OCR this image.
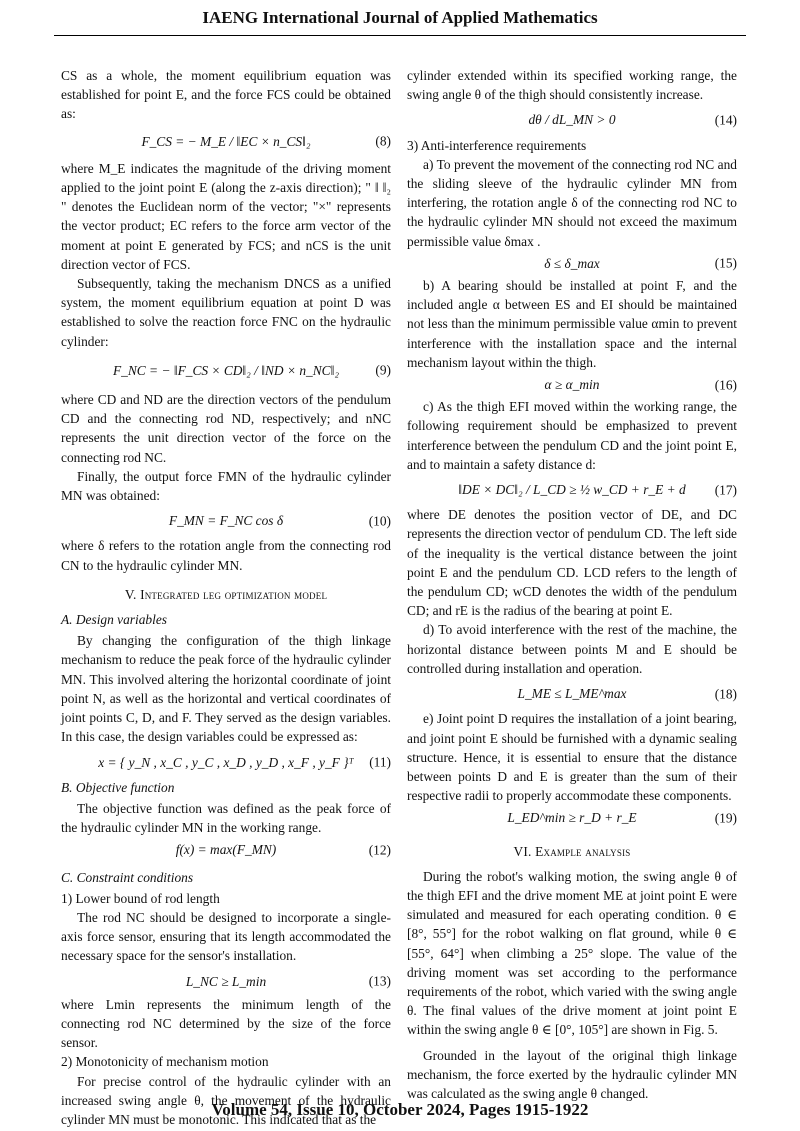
IAENG International Journal of Applied Mathematics

CS as a whole, the moment equilibrium equation was established for point E, and the force FCS could be obtained as:

F_CS = − M_E / ‖EC × n_CS‖₂	(8)

where M_E indicates the magnitude of the driving moment applied to the joint point E (along the z-axis direction); " ‖ ‖₂ " denotes the Euclidean norm of the vector; "×" represents the vector product; EC refers to the force arm vector of the moment at point E generated by FCS; and nCS is the unit direction vector of FCS.

Subsequently, taking the mechanism DNCS as a unified system, the moment equilibrium equation at point D was established to solve the reaction force FNC on the hydraulic cylinder:

F_NC = − ‖F_CS × CD‖₂ / ‖ND × n_NC‖₂	(9)

where CD and ND are the direction vectors of the pendulum CD and the connecting rod ND, respectively; and nNC represents the unit direction vector of the force on the connecting rod NC.

Finally, the output force FMN of the hydraulic cylinder MN was obtained:

F_MN = F_NC cos δ	(10)

where δ refers to the rotation angle from the connecting rod CN to the hydraulic cylinder MN.

V. Integrated leg optimization model
A. Design variables

By changing the configuration of the thigh linkage mechanism to reduce the peak force of the hydraulic cylinder MN. This involved altering the horizontal coordinate of joint point N, as well as the horizontal and vertical coordinates of joint points C, D, and F. They served as the design variables. In this case, the design variables could be expressed as:

x = { y_N , x_C , y_C , x_D , y_D , x_F , y_F }ᵀ (11)
B. Objective function

The objective function was defined as the peak force of the hydraulic cylinder MN in the working range.

f(x) = max(F_MN)	(12)
C. Constraint conditions

1) Lower bound of rod length

The rod NC should be designed to incorporate a single-axis force sensor, ensuring that its length accommodated the necessary space for the sensor's installation.

L_NC ≥ L_min	(13)

where Lmin represents the minimum length of the connecting rod NC determined by the size of the force sensor.

2) Monotonicity of mechanism motion

For precise control of the hydraulic cylinder with an increased swing angle θ, the movement of the hydraulic cylinder MN must be monotonic. This indicated that as the

cylinder extended within its specified working range, the swing angle θ of the thigh should consistently increase.

dθ / dL_MN > 0	(14)

3) Anti-interference requirements

a) To prevent the movement of the connecting rod NC and the sliding sleeve of the hydraulic cylinder MN from interfering, the rotation angle δ of the connecting rod NC to the hydraulic cylinder MN should not exceed the maximum permissible value δmax .

δ ≤ δ_max	(15)

b) A bearing should be installed at point F, and the included angle α between ES and EI should be maintained not less than the minimum permissible value αmin to prevent interference with the installation space and the internal mechanism layout within the thigh.

α ≥ α_min	(16)

c) As the thigh EFI moved within the working range, the following requirement should be emphasized to prevent interference between the pendulum CD and the joint point E, and to maintain a safety distance d:

‖DE × DC‖₂ / L_CD ≥ ½ w_CD + r_E + d (17)

where DE denotes the position vector of DE, and DC represents the direction vector of pendulum CD. The left side of the inequality is the vertical distance between the joint point E and the pendulum CD. LCD refers to the length of the pendulum CD; wCD denotes the width of the pendulum CD; and rE is the radius of the bearing at point E.

d) To avoid interference with the rest of the machine, the horizontal distance between points M and E should be controlled during installation and operation.

L_ME ≤ L_ME^max	(18)

e) Joint point D requires the installation of a joint bearing, and joint point E should be furnished with a dynamic sealing structure. Hence, it is essential to ensure that the distance between points D and E is greater than the sum of their respective radii to properly accommodate these components.

L_ED^min ≥ r_D + r_E	(19)
VI. Example analysis

During the robot's walking motion, the swing angle θ of the thigh EFI and the drive moment ME at joint point E were simulated and measured for each operating condition. θ ∈ [8°, 55°] for the robot walking on flat ground, while θ ∈ [55°, 64°] when climbing a 25° slope. The value of the driving moment was set according to the performance requirements of the robot, which varied with the swing angle θ. The final values of the drive moment at joint point E within the swing angle θ ∈ [0°, 105°] are shown in Fig. 5.

Grounded in the layout of the original thigh linkage mechanism, the force exerted by the hydraulic cylinder MN was calculated as the swing angle θ changed.

Volume 54, Issue 10, October 2024, Pages 1915-1922
